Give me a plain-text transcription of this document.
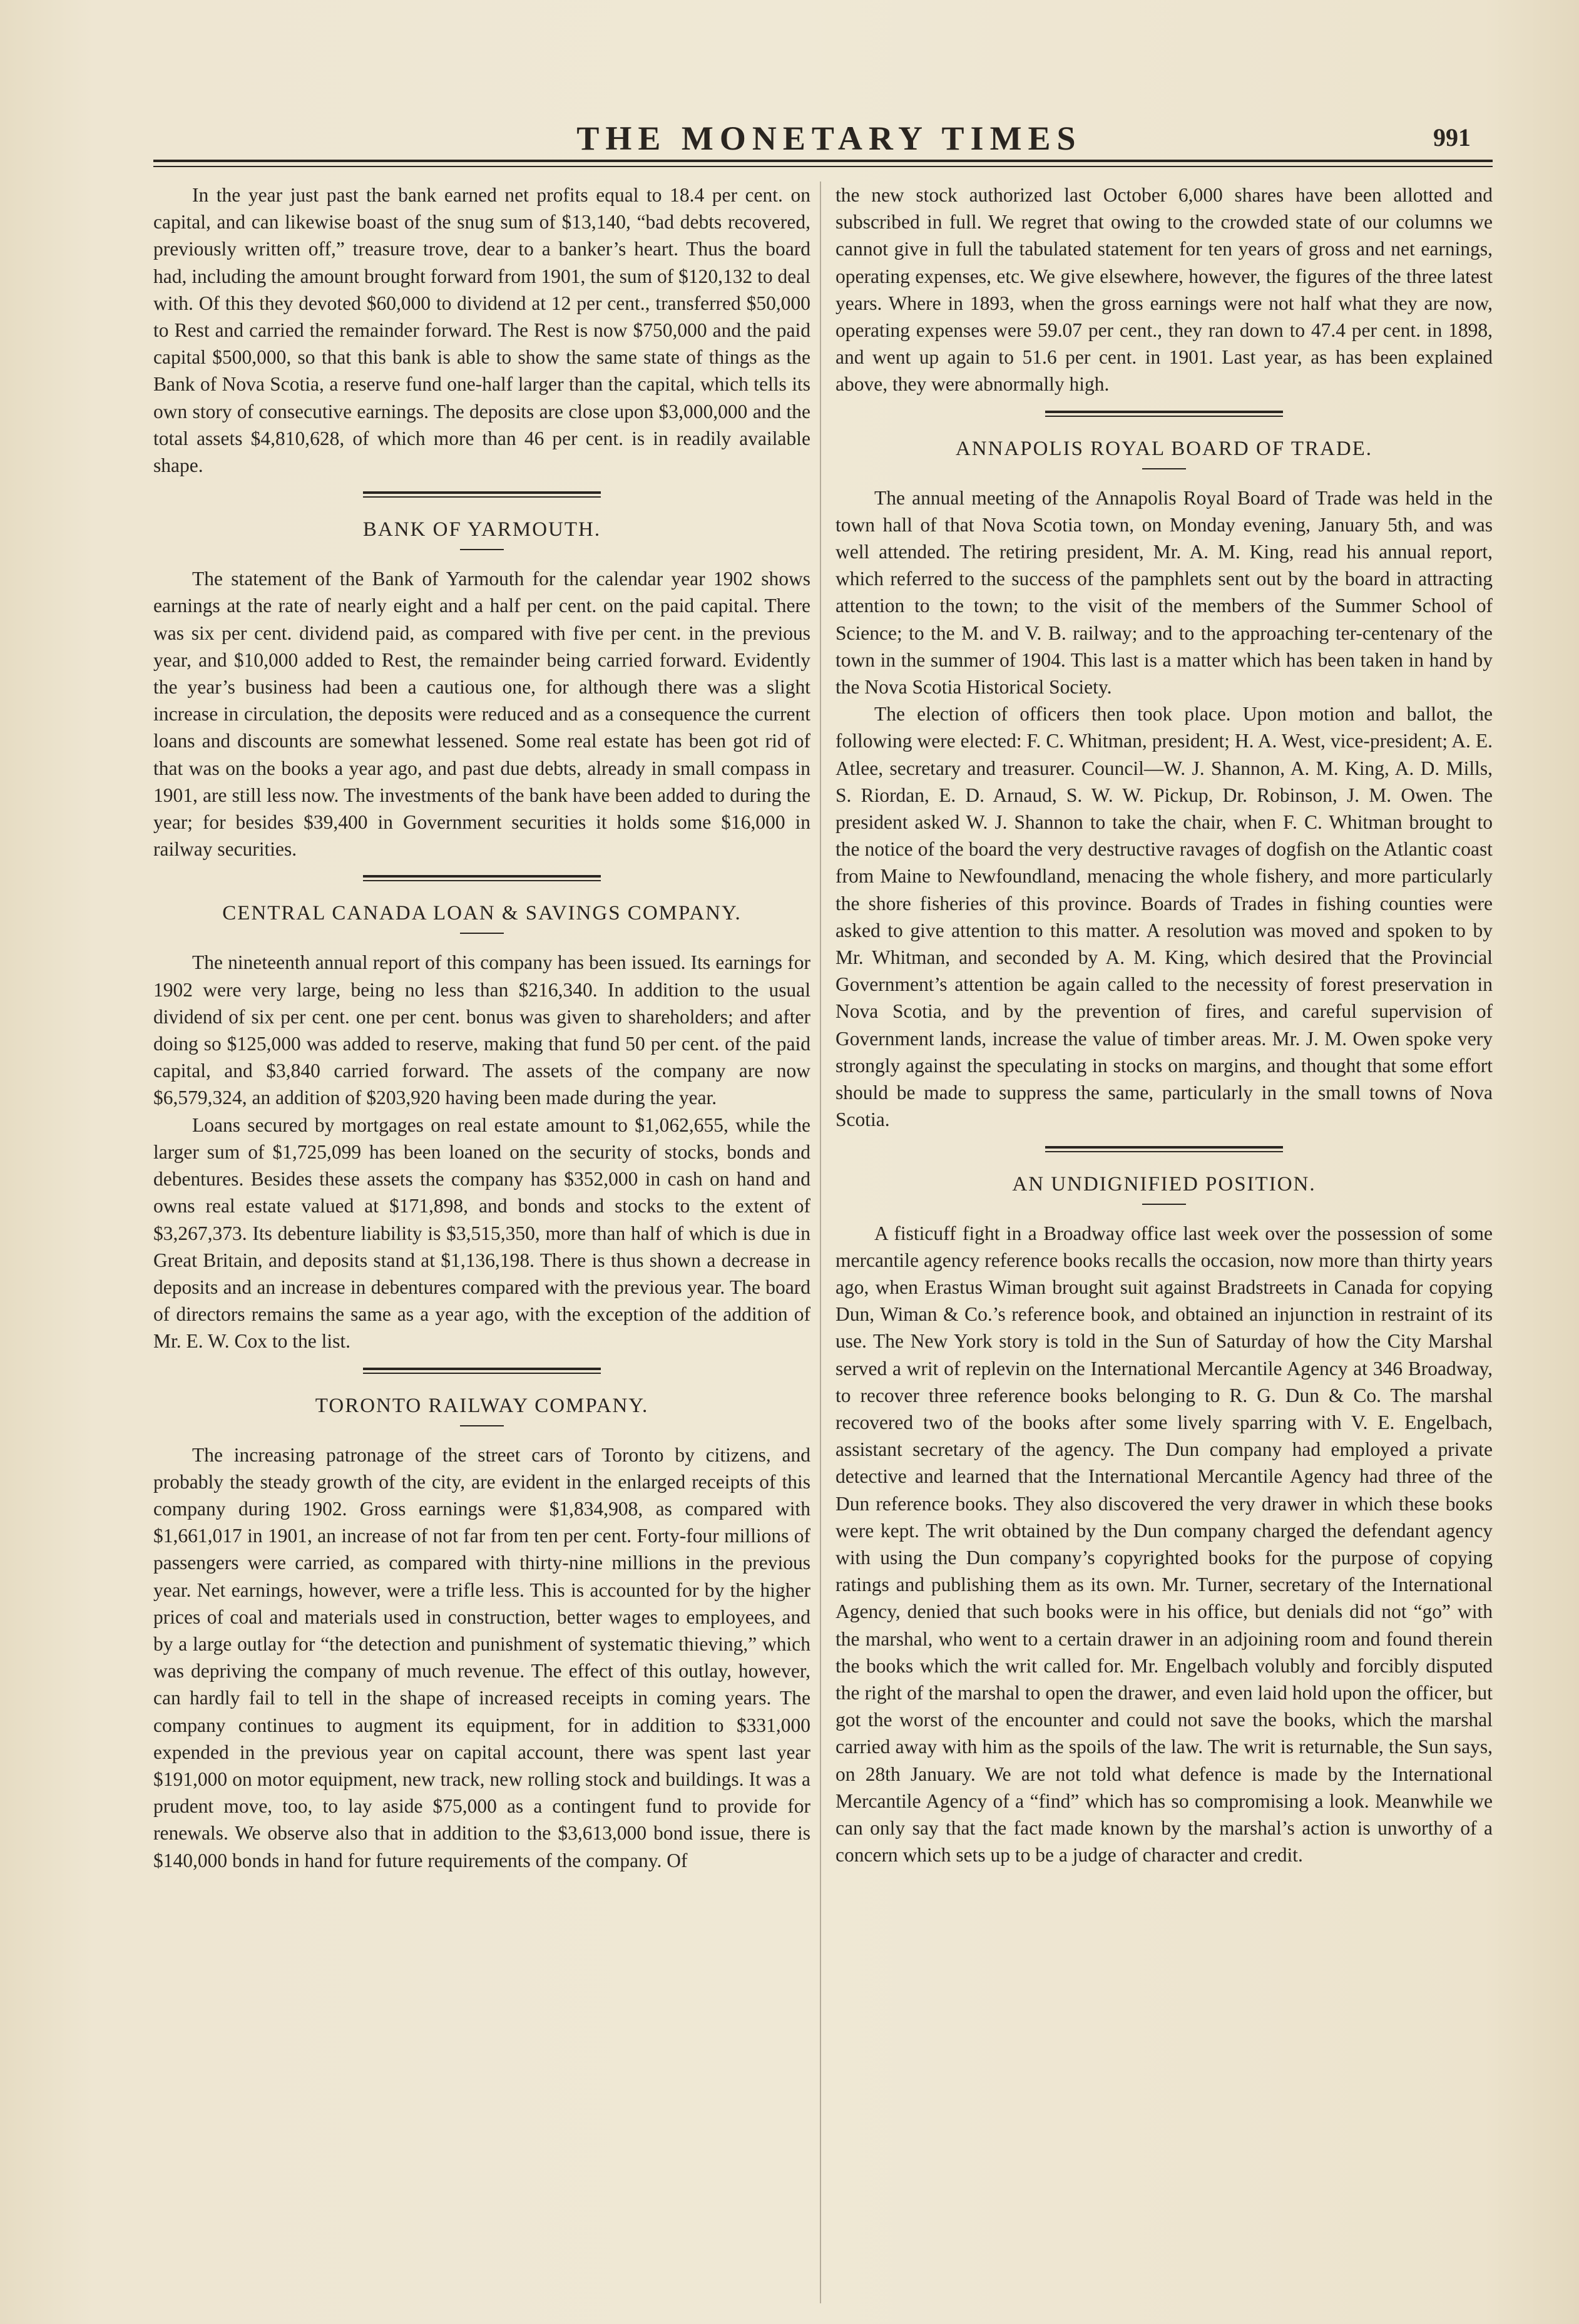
THE MONETARY TIMES	991

In the year just past the bank earned net profits equal to 18.4 per cent. on capital, and can likewise boast of the snug sum of $13,140, “bad debts recovered, previously written off,” treasure trove, dear to a banker’s heart. Thus the board had, including the amount brought forward from 1901, the sum of $120,132 to deal with. Of this they devoted $60,000 to dividend at 12 per cent., transferred $50,000 to Rest and carried the remainder forward. The Rest is now $750,000 and the paid capital $500,000, so that this bank is able to show the same state of things as the Bank of Nova Scotia, a reserve fund one-half larger than the capital, which tells its own story of consecutive earnings. The deposits are close upon $3,000,000 and the total assets $4,810,628, of which more than 46 per cent. is in readily available shape.

BANK OF YARMOUTH.

The statement of the Bank of Yarmouth for the calendar year 1902 shows earnings at the rate of nearly eight and a half per cent. on the paid capital. There was six per cent. dividend paid, as compared with five per cent. in the previous year, and $10,000 added to Rest, the remainder being carried forward. Evidently the year’s business had been a cautious one, for although there was a slight increase in circulation, the deposits were reduced and as a consequence the current loans and discounts are somewhat lessened. Some real estate has been got rid of that was on the books a year ago, and past due debts, already in small compass in 1901, are still less now. The investments of the bank have been added to during the year; for besides $39,400 in Government securities it holds some $16,000 in railway securities.

CENTRAL CANADA LOAN & SAVINGS COMPANY.

The nineteenth annual report of this company has been issued. Its earnings for 1902 were very large, being no less than $216,340. In addition to the usual dividend of six per cent. one per cent. bonus was given to shareholders; and after doing so $125,000 was added to reserve, making that fund 50 per cent. of the paid capital, and $3,840 carried forward. The assets of the company are now $6,579,324, an addition of $203,920 having been made during the year.

Loans secured by mortgages on real estate amount to $1,062,655, while the larger sum of $1,725,099 has been loaned on the security of stocks, bonds and debentures. Besides these assets the company has $352,000 in cash on hand and owns real estate valued at $171,898, and bonds and stocks to the extent of $3,267,373. Its debenture liability is $3,515,350, more than half of which is due in Great Britain, and deposits stand at $1,136,198. There is thus shown a decrease in deposits and an increase in debentures compared with the previous year. The board of directors remains the same as a year ago, with the exception of the addition of Mr. E. W. Cox to the list.

TORONTO RAILWAY COMPANY.

The increasing patronage of the street cars of Toronto by citizens, and probably the steady growth of the city, are evident in the enlarged receipts of this company during 1902. Gross earnings were $1,834,908, as compared with $1,661,017 in 1901, an increase of not far from ten per cent. Forty-four millions of passengers were carried, as compared with thirty-nine millions in the previous year. Net earnings, however, were a trifle less. This is accounted for by the higher prices of coal and materials used in construction, better wages to employees, and by a large outlay for “the detection and punishment of systematic thieving,” which was depriving the company of much revenue. The effect of this outlay, however, can hardly fail to tell in the shape of increased receipts in coming years. The company continues to augment its equipment, for in addition to $331,000 expended in the previous year on capital account, there was spent last year $191,000 on motor equipment, new track, new rolling stock and buildings. It was a prudent move, too, to lay aside $75,000 as a contingent fund to provide for renewals. We observe also that in addition to the $3,613,000 bond issue, there is $140,000 bonds in hand for future requirements of the company. Of

the new stock authorized last October 6,000 shares have been allotted and subscribed in full. We regret that owing to the crowded state of our columns we cannot give in full the tabulated statement for ten years of gross and net earnings, operating expenses, etc. We give elsewhere, however, the figures of the three latest years. Where in 1893, when the gross earnings were not half what they are now, operating expenses were 59.07 per cent., they ran down to 47.4 per cent. in 1898, and went up again to 51.6 per cent. in 1901. Last year, as has been explained above, they were abnormally high.

ANNAPOLIS ROYAL BOARD OF TRADE.

The annual meeting of the Annapolis Royal Board of Trade was held in the town hall of that Nova Scotia town, on Monday evening, January 5th, and was well attended. The retiring president, Mr. A. M. King, read his annual report, which referred to the success of the pamphlets sent out by the board in attracting attention to the town; to the visit of the members of the Summer School of Science; to the M. and V. B. railway; and to the approaching ter-centenary of the town in the summer of 1904. This last is a matter which has been taken in hand by the Nova Scotia Historical Society.

The election of officers then took place. Upon motion and ballot, the following were elected: F. C. Whitman, president; H. A. West, vice-president; A. E. Atlee, secretary and treasurer. Council—W. J. Shannon, A. M. King, A. D. Mills, S. Riordan, E. D. Arnaud, S. W. W. Pickup, Dr. Robinson, J. M. Owen. The president asked W. J. Shannon to take the chair, when F. C. Whitman brought to the notice of the board the very destructive ravages of dogfish on the Atlantic coast from Maine to Newfoundland, menacing the whole fishery, and more particularly the shore fisheries of this province. Boards of Trades in fishing counties were asked to give attention to this matter. A resolution was moved and spoken to by Mr. Whitman, and seconded by A. M. King, which desired that the Provincial Government’s attention be again called to the necessity of forest preservation in Nova Scotia, and by the prevention of fires, and careful supervision of Government lands, increase the value of timber areas. Mr. J. M. Owen spoke very strongly against the speculating in stocks on margins, and thought that some effort should be made to suppress the same, particularly in the small towns of Nova Scotia.

AN UNDIGNIFIED POSITION.

A fisticuff fight in a Broadway office last week over the possession of some mercantile agency reference books recalls the occasion, now more than thirty years ago, when Erastus Wiman brought suit against Bradstreets in Canada for copying Dun, Wiman & Co.’s reference book, and obtained an injunction in restraint of its use. The New York story is told in the Sun of Saturday of how the City Marshal served a writ of replevin on the International Mercantile Agency at 346 Broadway, to recover three reference books belonging to R. G. Dun & Co. The marshal recovered two of the books after some lively sparring with V. E. Engelbach, assistant secretary of the agency. The Dun company had employed a private detective and learned that the International Mercantile Agency had three of the Dun reference books. They also discovered the very drawer in which these books were kept. The writ obtained by the Dun company charged the defendant agency with using the Dun company’s copyrighted books for the purpose of copying ratings and publishing them as its own. Mr. Turner, secretary of the International Agency, denied that such books were in his office, but denials did not “go” with the marshal, who went to a certain drawer in an adjoining room and found therein the books which the writ called for. Mr. Engelbach volubly and forcibly disputed the right of the marshal to open the drawer, and even laid hold upon the officer, but got the worst of the encounter and could not save the books, which the marshal carried away with him as the spoils of the law. The writ is returnable, the Sun says, on 28th January. We are not told what defence is made by the International Mercantile Agency of a “find” which has so compromising a look. Meanwhile we can only say that the fact made known by the marshal’s action is unworthy of a concern which sets up to be a judge of character and credit.
